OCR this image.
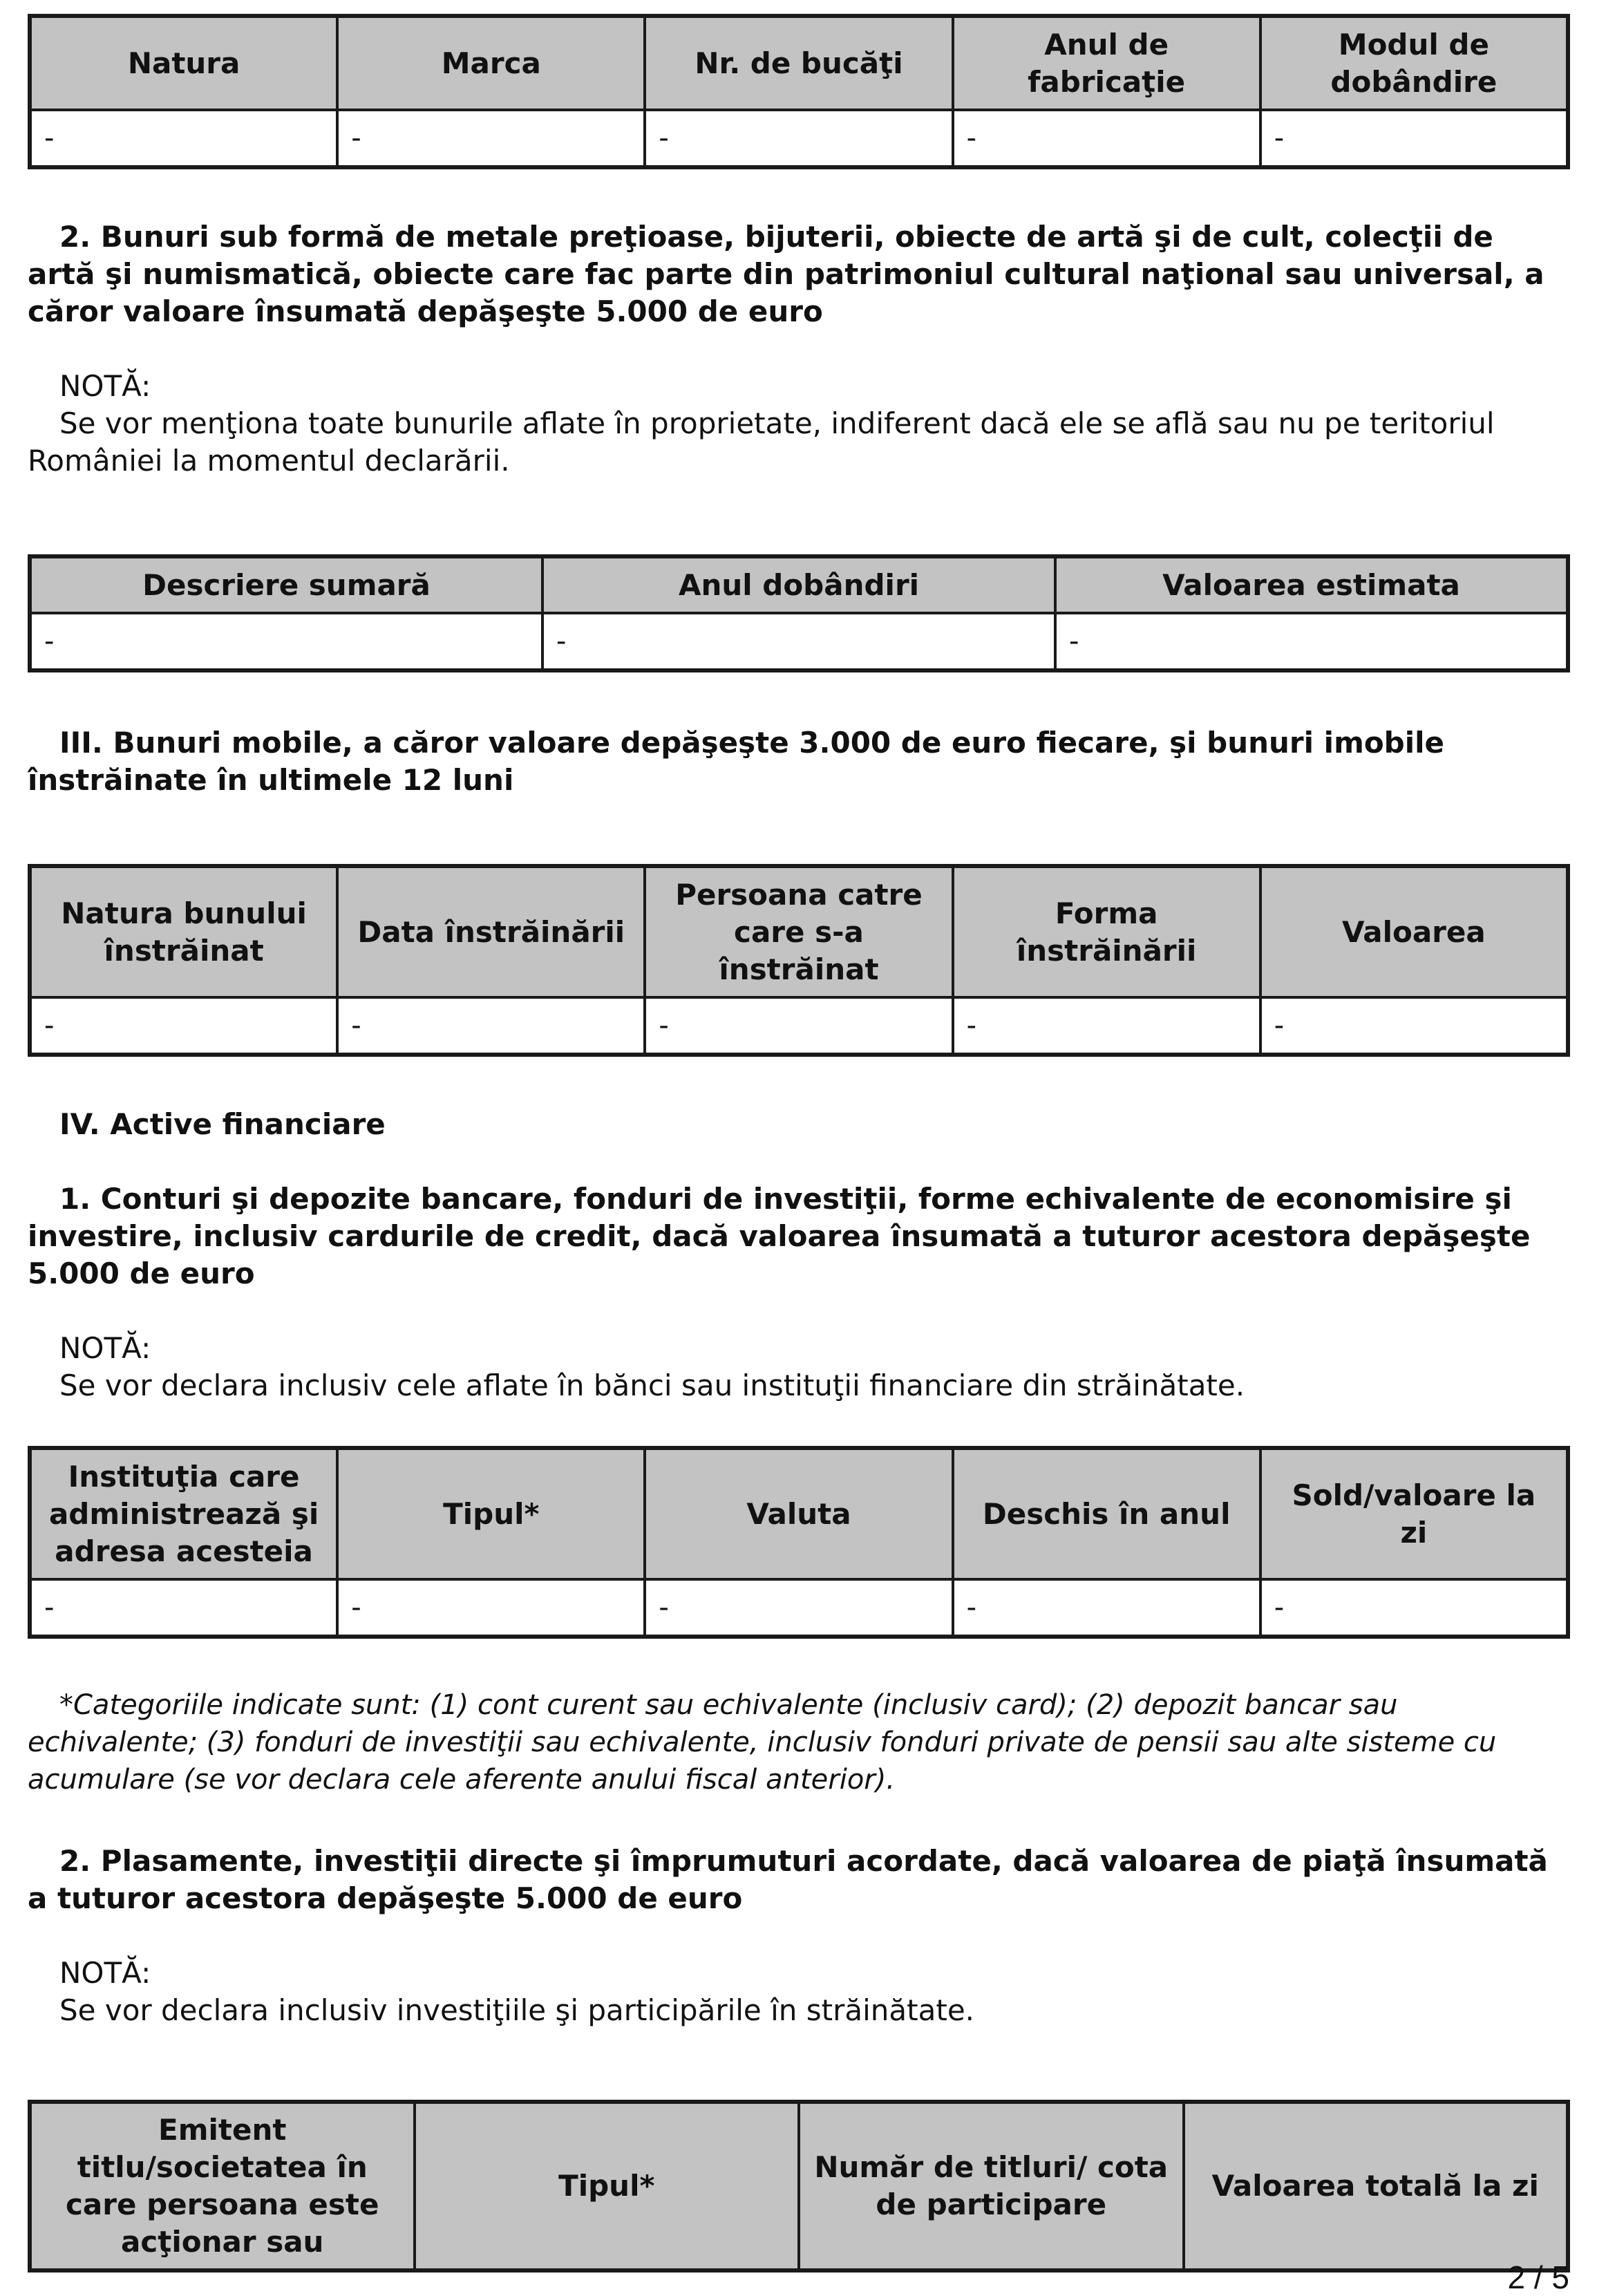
Natura	Marca	Nr. de bucăţi	Anul de fabricaţie	Modul de dobândire
-	-	-	-	-

2. Bunuri sub formă de metale preţioase, bijuterii, obiecte de artă şi de cult, colecţii de artă şi numismatică, obiecte care fac parte din patrimoniul cultural naţional sau universal, a căror valoare însumată depăşeşte 5.000 de euro

NOTĂ:

Se vor menţiona toate bunurile aflate în proprietate, indiferent dacă ele se află sau nu pe teritoriul României la momentul declarării.

Descriere sumară	Anul dobândiri	Valoarea estimata
-	-	-

III. Bunuri mobile, a căror valoare depăşeşte 3.000 de euro fiecare, şi bunuri imobile înstrăinate în ultimele 12 luni

Natura bunului înstrăinat	Data înstrăinării	Persoana catre care s-a înstrăinat	Forma înstrăinării	Valoarea
-	-	-	-	-

IV. Active financiare

1. Conturi şi depozite bancare, fonduri de investiţii, forme echivalente de economisire şi investire, inclusiv cardurile de credit, dacă valoarea însumată a tuturor acestora depăşeşte 5.000 de euro

NOTĂ:

Se vor declara inclusiv cele aflate în bănci sau instituţii financiare din străinătate.

Instituţia care administrează şi adresa acesteia	Tipul*	Valuta	Deschis în anul	Sold/valoare la zi
-	-	-	-	-

*Categoriile indicate sunt: (1) cont curent sau echivalente (inclusiv card); (2) depozit bancar sau echivalente; (3) fonduri de investiţii sau echivalente, inclusiv fonduri private de pensii sau alte sisteme cu acumulare (se vor declara cele aferente anului fiscal anterior).

2. Plasamente, investiţii directe şi împrumuturi acordate, dacă valoarea de piaţă însumată a tuturor acestora depăşeşte 5.000 de euro

NOTĂ:

Se vor declara inclusiv investiţiile şi participările în străinătate.

Emitent titlu/societatea în care persoana este acţionar sau	Tipul*	Număr de titluri/ cota de participare	Valoarea totală la zi
2 / 5
